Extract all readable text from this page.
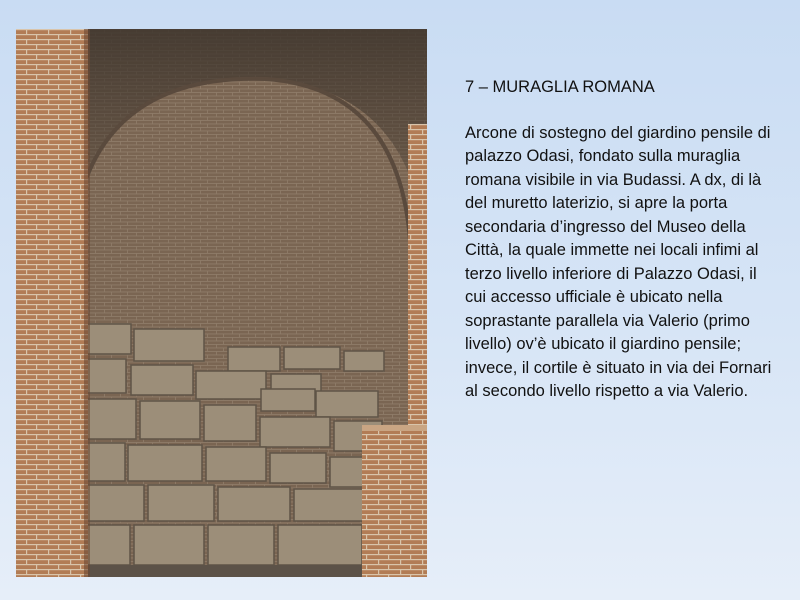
7 – MURAGLIA ROMANA

Arcone di sostegno del giardino pensile di palazzo Odasi, fondato sulla muraglia romana visibile in via Budassi. A dx, di là del muretto laterizio, si apre la porta secondaria d’ingresso del Museo della Città, la quale immette nei locali infimi al terzo livello inferiore di Palazzo Odasi, il cui accesso ufficiale è ubicato nella soprastante parallela via Valerio (primo livello) ov’è ubicato il giardino pensile; invece, il cortile è situato in via dei Fornari al secondo livello rispetto a via Valerio.
